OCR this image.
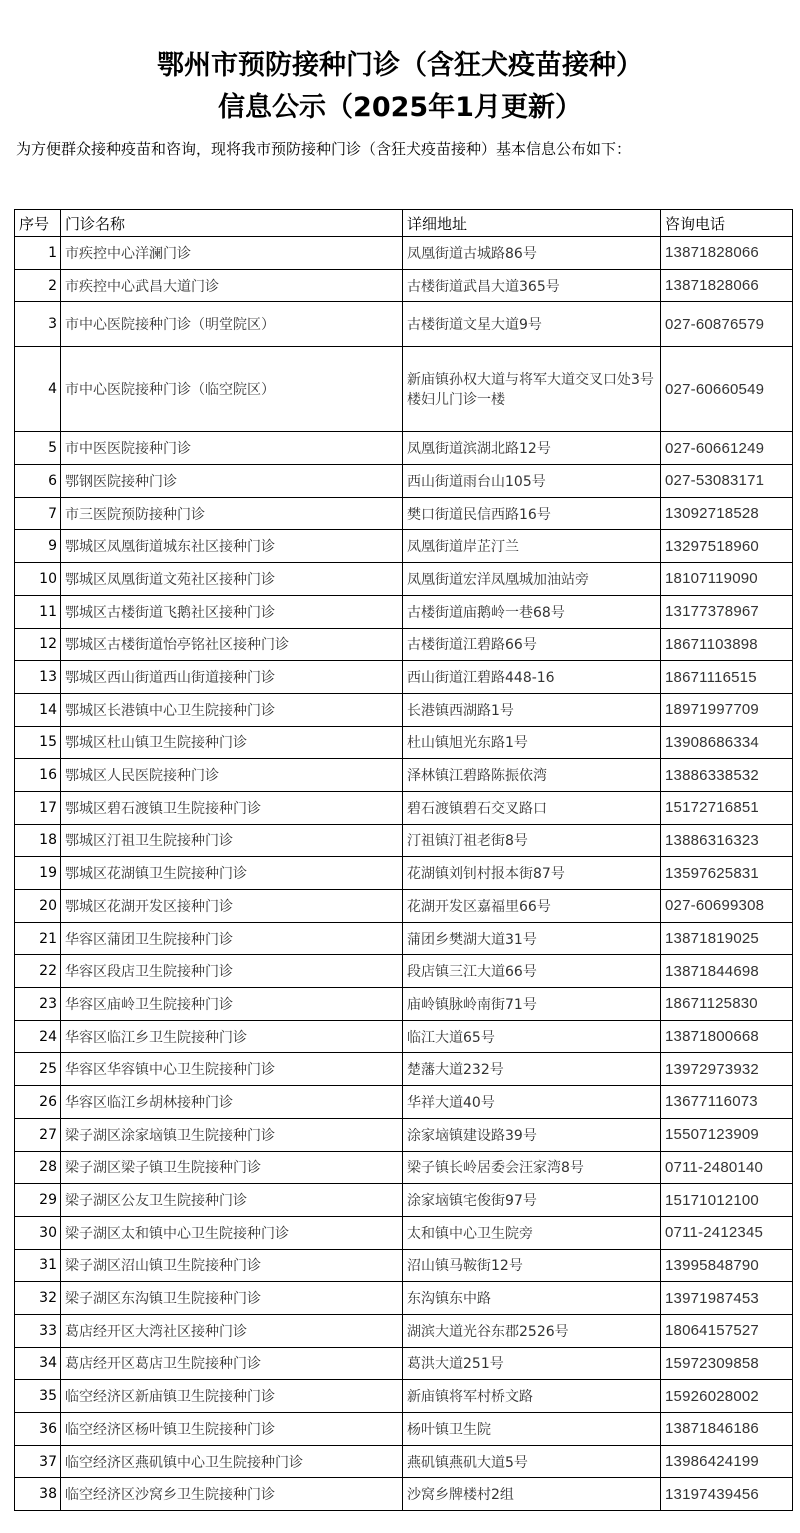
鄂州市预防接种门诊（含狂犬疫苗接种）
信息公示（2025年1月更新）
为方便群众接种疫苗和咨询，现将我市预防接种门诊（含狂犬疫苗接种）基本信息公布如下：
序号	门诊名称	详细地址	咨询电话
1	市疾控中心洋澜门诊	凤凰街道古城路86号	13871828066
2	市疾控中心武昌大道门诊	古楼街道武昌大道365号	13871828066
3	市中心医院接种门诊（明堂院区）	古楼街道文星大道9号	027-60876579
4	市中心医院接种门诊（临空院区）	新庙镇孙权大道与将军大道交叉口处3号楼妇儿门诊一楼	027-60660549
5	市中医医院接种门诊	凤凰街道滨湖北路12号	027-60661249
6	鄂钢医院接种门诊	西山街道雨台山105号	027-53083171
7	市三医院预防接种门诊	樊口街道民信西路16号	13092718528
9	鄂城区凤凰街道城东社区接种门诊	凤凰街道岸芷汀兰	13297518960
10	鄂城区凤凰街道文苑社区接种门诊	凤凰街道宏洋凤凰城加油站旁	18107119090
11	鄂城区古楼街道飞鹅社区接种门诊	古楼街道庙鹅岭一巷68号	13177378967
12	鄂城区古楼街道怡亭铭社区接种门诊	古楼街道江碧路66号	18671103898
13	鄂城区西山街道西山街道接种门诊	西山街道江碧路448-16	18671116515
14	鄂城区长港镇中心卫生院接种门诊	长港镇西湖路1号	18971997709
15	鄂城区杜山镇卫生院接种门诊	杜山镇旭光东路1号	13908686334
16	鄂城区人民医院接种门诊	泽林镇江碧路陈振依湾	13886338532
17	鄂城区碧石渡镇卫生院接种门诊	碧石渡镇碧石交叉路口	15172716851
18	鄂城区汀祖卫生院接种门诊	汀祖镇汀祖老街8号	13886316323
19	鄂城区花湖镇卫生院接种门诊	花湖镇刘钊村报本街87号	13597625831
20	鄂城区花湖开发区接种门诊	花湖开发区嘉福里66号	027-60699308
21	华容区蒲团卫生院接种门诊	蒲团乡樊湖大道31号	13871819025
22	华容区段店卫生院接种门诊	段店镇三江大道66号	13871844698
23	华容区庙岭卫生院接种门诊	庙岭镇脉岭南街71号	18671125830
24	华容区临江乡卫生院接种门诊	临江大道65号	13871800668
25	华容区华容镇中心卫生院接种门诊	楚藩大道232号	13972973932
26	华容区临江乡胡林接种门诊	华祥大道40号	13677116073
27	梁子湖区涂家垴镇卫生院接种门诊	涂家垴镇建设路39号	15507123909
28	梁子湖区梁子镇卫生院接种门诊	梁子镇长岭居委会汪家湾8号	0711-2480140
29	梁子湖区公友卫生院接种门诊	涂家垴镇宅俊街97号	15171012100
30	梁子湖区太和镇中心卫生院接种门诊	太和镇中心卫生院旁	0711-2412345
31	梁子湖区沼山镇卫生院接种门诊	沼山镇马鞍街12号	13995848790
32	梁子湖区东沟镇卫生院接种门诊	东沟镇东中路	13971987453
33	葛店经开区大湾社区接种门诊	湖滨大道光谷东郡2526号	18064157527
34	葛店经开区葛店卫生院接种门诊	葛洪大道251号	15972309858
35	临空经济区新庙镇卫生院接种门诊	新庙镇将军村桥文路	15926028002
36	临空经济区杨叶镇卫生院接种门诊	杨叶镇卫生院	13871846186
37	临空经济区燕矶镇中心卫生院接种门诊	燕矶镇燕矶大道5号	13986424199
38	临空经济区沙窝乡卫生院接种门诊	沙窝乡牌楼村2组	13197439456
